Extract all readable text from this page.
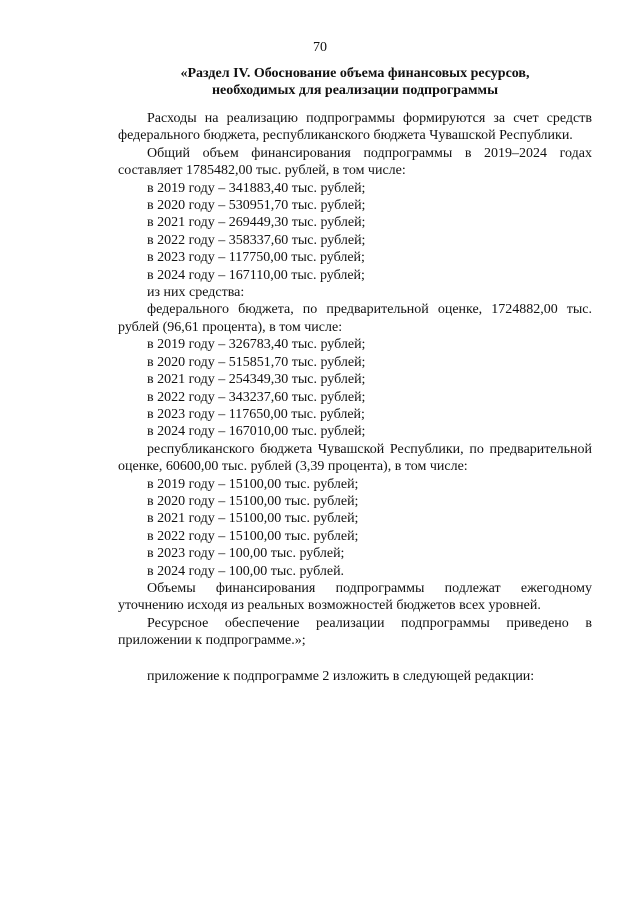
70
«Раздел IV. Обоснование объема финансовых ресурсов,
необходимых для реализации подпрограммы

Расходы на реализацию подпрограммы формируются за счет средств федерального бюджета, республиканского бюджета Чувашской Республики.

Общий объем финансирования подпрограммы в 2019–2024 годах составляет 1785482,00 тыс. рублей, в том числе:

в 2019 году – 341883,40 тыс. рублей;

в 2020 году – 530951,70 тыс. рублей;

в 2021 году – 269449,30 тыс. рублей;

в 2022 году – 358337,60 тыс. рублей;

в 2023 году – 117750,00 тыс. рублей;

в 2024 году – 167110,00 тыс. рублей;

из них средства:

федерального бюджета, по предварительной оценке, 1724882,00 тыс. рублей (96,61 процента), в том числе:

в 2019 году – 326783,40 тыс. рублей;

в 2020 году – 515851,70 тыс. рублей;

в 2021 году – 254349,30 тыс. рублей;

в 2022 году – 343237,60 тыс. рублей;

в 2023 году – 117650,00 тыс. рублей;

в 2024 году – 167010,00 тыс. рублей;

республиканского бюджета Чувашской Республики, по предварительной оценке, 60600,00 тыс. рублей (3,39 процента), в том числе:

в 2019 году – 15100,00 тыс. рублей;

в 2020 году – 15100,00 тыс. рублей;

в 2021 году – 15100,00 тыс. рублей;

в 2022 году – 15100,00 тыс. рублей;

в 2023 году – 100,00 тыс. рублей;

в 2024 году – 100,00 тыс. рублей.

Объемы финансирования подпрограммы подлежат ежегодному уточнению исходя из реальных возможностей бюджетов всех уровней.

Ресурсное обеспечение реализации подпрограммы приведено в приложении к подпрограмме.»;

приложение к подпрограмме 2 изложить в следующей редакции:
